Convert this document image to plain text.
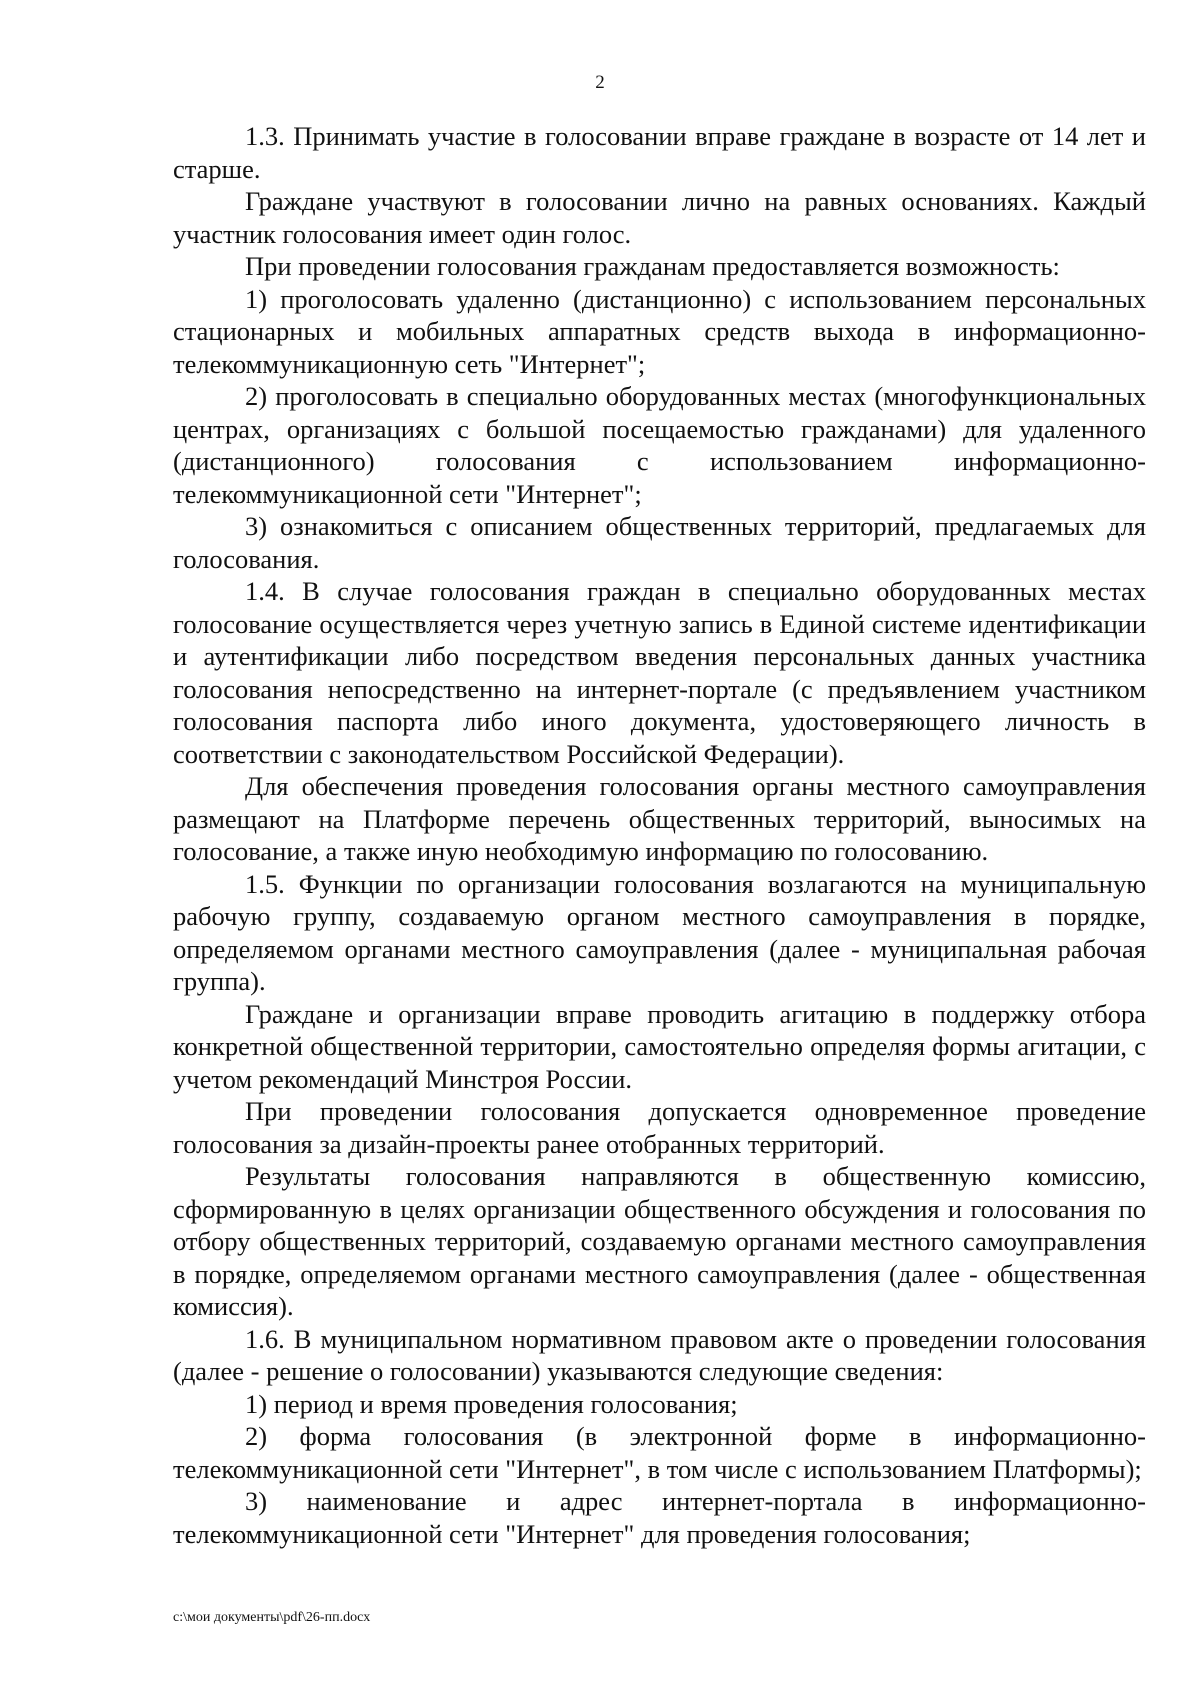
2

1.3. Принимать участие в голосовании вправе граждане в возрасте от 14 лет и старше.

Граждане участвуют в голосовании лично на равных основаниях. Каждый участник голосования имеет один голос.

При проведении голосования гражданам предоставляется возможность:

1) проголосовать удаленно (дистанционно) с использованием персональных стационарных и мобильных аппаратных средств выхода в информационно-телекоммуникационную сеть "Интернет";

2) проголосовать в специально оборудованных местах (многофункциональных центрах, организациях с большой посещаемостью гражданами) для удаленного (дистанционного) голосования с использованием информационно-телекоммуникационной сети "Интернет";

3) ознакомиться с описанием общественных территорий, предлагаемых для голосования.

1.4. В случае голосования граждан в специально оборудованных местах голосование осуществляется через учетную запись в Единой системе идентификации и аутентификации либо посредством введения персональных данных участника голосования непосредственно на интернет-портале (с предъявлением участником голосования паспорта либо иного документа, удостоверяющего личность в соответствии с законодательством Российской Федерации).

Для обеспечения проведения голосования органы местного самоуправления размещают на Платформе перечень общественных территорий, выносимых на голосование, а также иную необходимую информацию по голосованию.

1.5. Функции по организации голосования возлагаются на муниципальную рабочую группу, создаваемую органом местного самоуправления в порядке, определяемом органами местного самоуправления (далее - муниципальная рабочая группа).

Граждане и организации вправе проводить агитацию в поддержку отбора конкретной общественной территории, самостоятельно определяя формы агитации, с учетом рекомендаций Минстроя России.

При проведении голосования допускается одновременное проведение голосования за дизайн-проекты ранее отобранных территорий.

Результаты голосования направляются в общественную комиссию, сформированную в целях организации общественного обсуждения и голосования по отбору общественных территорий, создаваемую органами местного самоуправления в порядке, определяемом органами местного самоуправления (далее - общественная комиссия).

1.6. В муниципальном нормативном правовом акте о проведении голосования (далее - решение о голосовании) указываются следующие сведения:

1) период и время проведения голосования;

2) форма голосования (в электронной форме в информационно-телекоммуникационной сети "Интернет", в том числе с использованием Платформы);

3) наименование и адрес интернет-портала в информационно-телекоммуникационной сети "Интернет" для проведения голосования;

c:\мои документы\pdf\26-пп.docx
